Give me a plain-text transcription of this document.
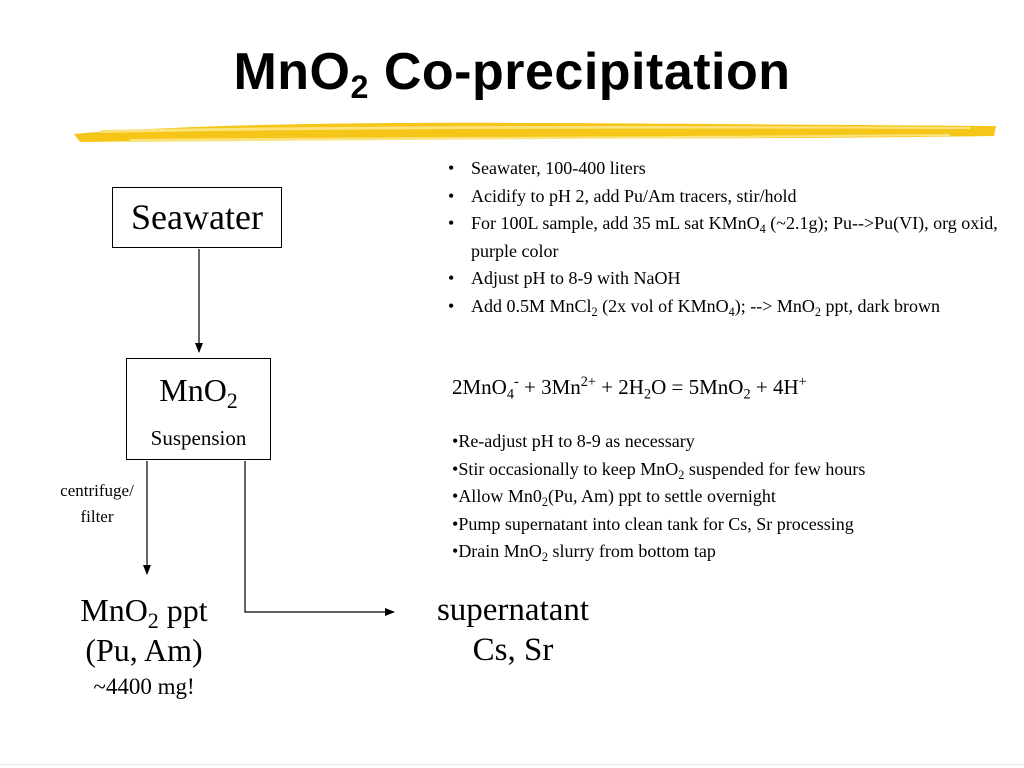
MnO$_2$ Co-precipitation
Seawater
MnO$_2$
Suspension
centrifuge/
filter
MnO$_2$ ppt
(Pu, Am)
~4400 mg!
supernatant
Cs, Sr
• Seawater, 100-400 liters
• Acidify to pH 2, add Pu/Am tracers, stir/hold
• For 100L sample, add 35 mL sat KMnO$_4$ (~2.1g); Pu-->Pu(VI), org oxid, purple color
• Adjust pH to 8-9 with NaOH
• Add 0.5M MnCl$_2$ (2x vol of KMnO$_4$); --> MnO$_2$ ppt, dark brown
$2MnO_4^- + 3Mn^{2+} + 2H_2O = 5MnO_2 + 4H^+$
• Re-adjust pH to 8-9 as necessary
• Stir occasionally to keep MnO$_2$ suspended for few hours
• Allow $Mn0_2(Pu$, Am) ppt to settle overnight
• Pump supernatant into clean tank for Cs, Sr processing
• Drain MnO$_2$ slurry from bottom tap
